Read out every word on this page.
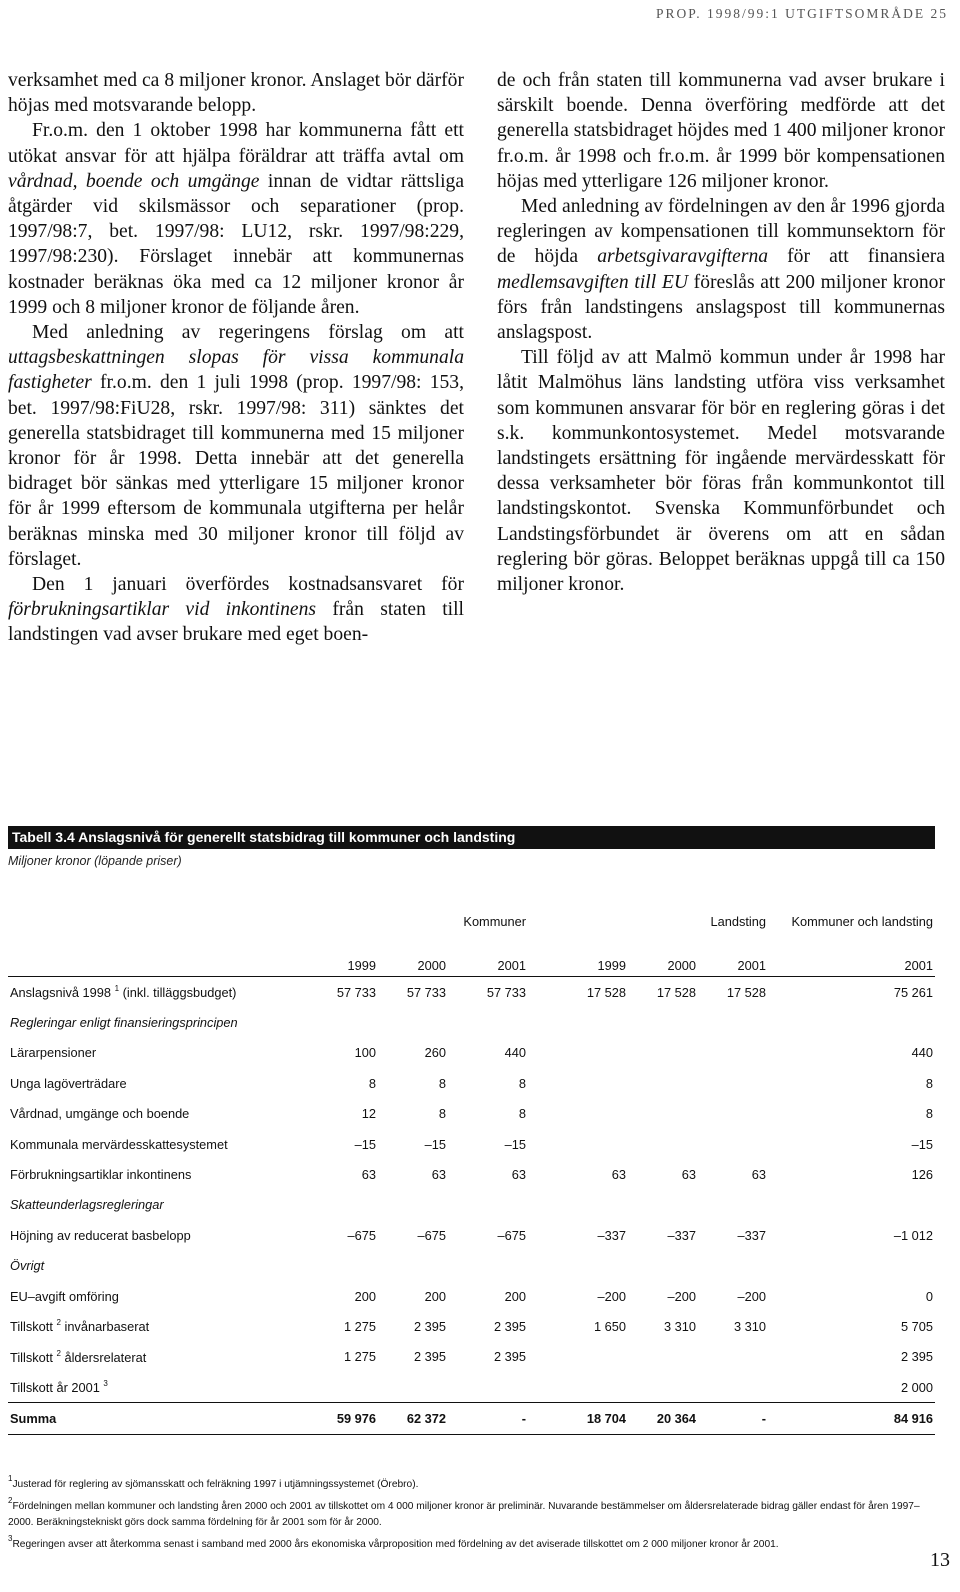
PROP. 1998/99:1 UTGIFTSOMRÅDE 25

verksamhet med ca 8 miljoner kronor. Anslaget bör därför höjas med motsvarande belopp.

Fr.o.m. den 1 oktober 1998 har kommunerna fått ett utökat ansvar för att hjälpa föräldrar att träffa avtal om vårdnad, boende och umgänge innan de vidtar rättsliga åtgärder vid skilsmässor och separationer (prop. 1997/98:7, bet. 1997/98: LU12, rskr. 1997/98:229, 1997/98:230). Förslaget innebär att kommunernas kostnader beräknas öka med ca 12 miljoner kronor år 1999 och 8 miljoner kronor de följande åren.

Med anledning av regeringens förslag om att uttagsbeskattningen slopas för vissa kommunala fastigheter fr.o.m. den 1 juli 1998 (prop. 1997/98: 153, bet. 1997/98:FiU28, rskr. 1997/98: 311) sänktes det generella statsbidraget till kommunerna med 15 miljoner kronor för år 1998. Detta innebär att det generella bidraget bör sänkas med ytterligare 15 miljoner kronor för år 1999 eftersom de kommunala utgifterna per helår beräknas minska med 30 miljoner kronor till följd av förslaget.

Den 1 januari överfördes kostnadsansvaret för förbrukningsartiklar vid inkontinens från staten till landstingen vad avser brukare med eget boen-

de och från staten till kommunerna vad avser brukare i särskilt boende. Denna överföring medförde att det generella statsbidraget höjdes med 1 400 miljoner kronor fr.o.m. år 1998 och fr.o.m. år 1999 bör kompensationen höjas med ytterligare 126 miljoner kronor.

Med anledning av fördelningen av den år 1996 gjorda regleringen av kompensationen till kommunsektorn för de höjda arbetsgivaravgifterna för att finansiera medlemsavgiften till EU föreslås att 200 miljoner kronor förs från landstingens anslagspost till kommunernas anslagspost.

Till följd av att Malmö kommun under år 1998 har låtit Malmöhus läns landsting utföra viss verksamhet som kommunen ansvarar för bör en reglering göras i det s.k. kommunkontosystemet. Medel motsvarande landstingets ersättning för ingående mervärdesskatt för dessa verksamheter bör föras från kommunkontot till landstingskontot. Svenska Kommunförbundet och Landstingsförbundet är överens om att en sådan reglering bör göras. Beloppet beräknas uppgå till ca 150 miljoner kronor.

Tabell 3.4 Anslagsnivå för generellt statsbidrag till kommuner och landsting
Miljoner kronor (löpande priser)
	Kommuner			Landsting			Kommuner och landsting
	1999	2000	2001	1999	2000	2001	2001
Anslagsnivå 1998 $^1$ (inkl. tilläggsbudget)	57 733	57 733	57 733	17 528	17 528	17 528	75 261
Regleringar enligt finansieringsprincipen							
Lärarpensioner	100	260	440				440
Unga lagöverträdare	8	8	8				8
Vårdnad, umgänge och boende	12	8	8				8
Kommunala mervärdesskattesystemet	–15	–15	–15				–15
Förbrukningsartiklar inkontinens	63	63	63	63	63	63	126
Skatteunderlagsregleringar							
Höjning av reducerat basbelopp	–675	–675	–675	–337	–337	–337	–1 012
Övrigt							
EU–avgift omföring	200	200	200	–200	–200	–200	0
Tillskott $^2$ invånarbaserat	1 275	2 395	2 395	1 650	3 310	3 310	5 705
Tillskott $^2$ åldersrelaterat	1 275	2 395	2 395				2 395
Tillskott år 2001 $^3$							2 000
Summa	59 976	62 372	-	18 704	20 364	-	84 916

$^1$Justerad för reglering av sjömansskatt och felräkning 1997 i utjämningssystemet (Örebro).

$^2$Fördelningen mellan kommuner och landsting åren 2000 och 2001 av tillskottet om 4 000 miljoner kronor är preliminär. Nuvarande bestämmelser om åldersrelaterade bidrag gäller endast för åren 1997–2000. Beräkningstekniskt görs dock samma fördelning för år 2001 som för år 2000.

$^3$Regeringen avser att återkomma senast i samband med 2000 års ekonomiska vårproposition med fördelning av det aviserade tillskottet om 2 000 miljoner kronor år 2001.

13
